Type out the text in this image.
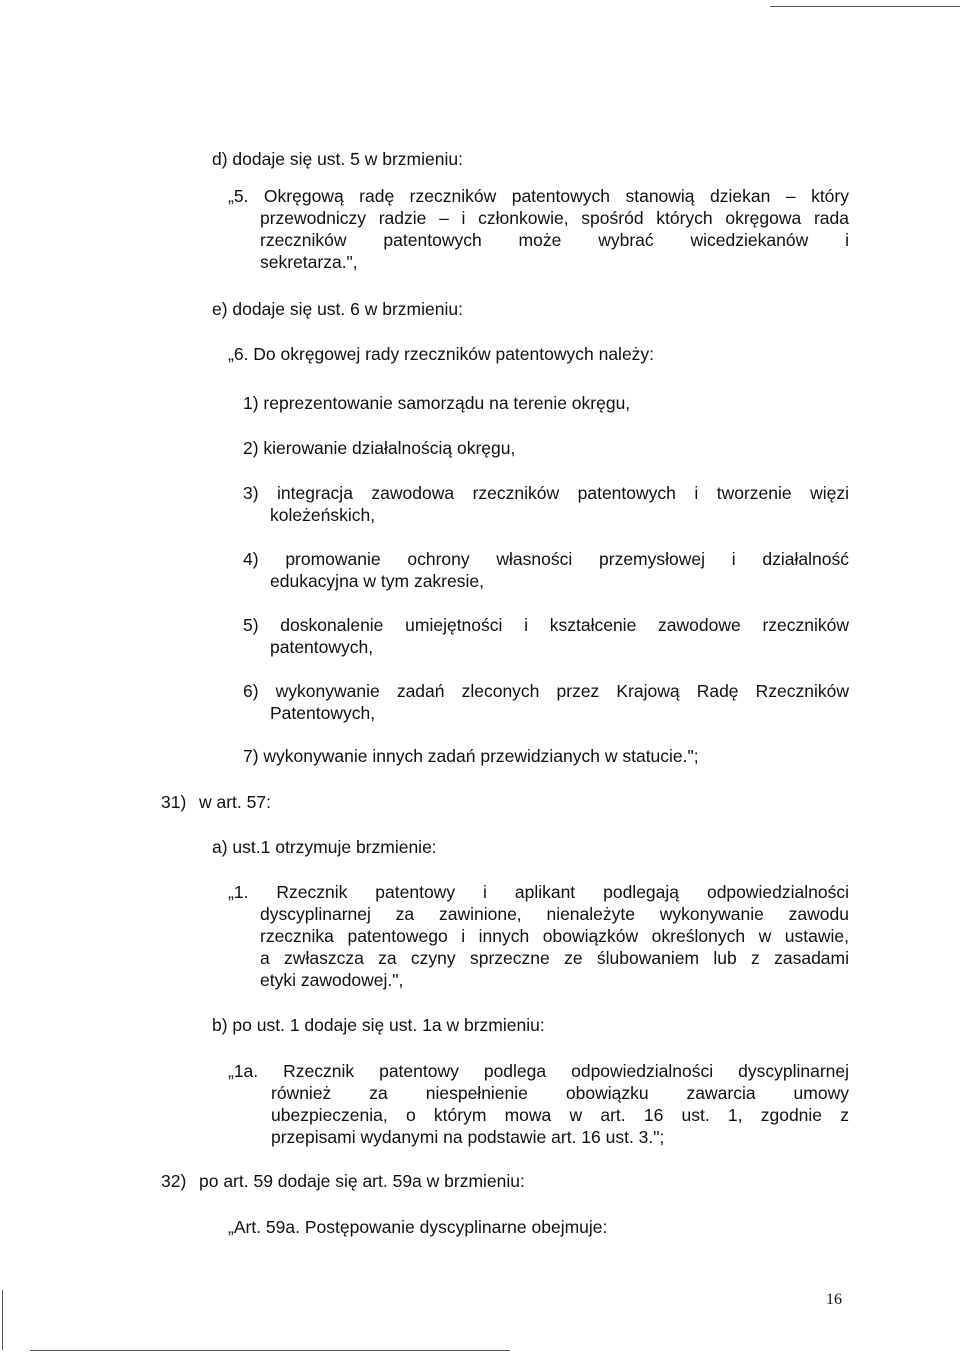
d) dodaje się ust. 5 w brzmieniu:
„5. Okręgową radę rzeczników patentowych stanowią dziekan – który
przewodniczy radzie – i członkowie, spośród których okręgowa rada
rzeczników patentowych może wybrać wicedziekanów i
sekretarza.",
e) dodaje się ust. 6 w brzmieniu:
„6. Do okręgowej rady rzeczników patentowych należy:
1) reprezentowanie samorządu na terenie okręgu,
2) kierowanie działalnością okręgu,
3) integracja zawodowa rzeczników patentowych i tworzenie więzi
koleżeńskich,
4) promowanie ochrony własności przemysłowej i działalność
edukacyjna w tym zakresie,
5) doskonalenie umiejętności i kształcenie zawodowe rzeczników
patentowych,
6) wykonywanie zadań zleconych przez Krajową Radę Rzeczników
Patentowych,
7) wykonywanie innych zadań przewidzianych w statucie.";
31) w art. 57:
a) ust.1 otrzymuje brzmienie:
„1. Rzecznik patentowy i aplikant podlegają odpowiedzialności
dyscyplinarnej za zawinione, nienależyte wykonywanie zawodu
rzecznika patentowego i innych obowiązków określonych w ustawie,
a zwłaszcza za czyny sprzeczne ze ślubowaniem lub z zasadami
etyki zawodowej.",
b) po ust. 1 dodaje się ust. 1a w brzmieniu:
„1a. Rzecznik patentowy podlega odpowiedzialności dyscyplinarnej
również za niespełnienie obowiązku zawarcia umowy
ubezpieczenia, o którym mowa w art. 16 ust. 1, zgodnie z
przepisami wydanymi na podstawie art. 16 ust. 3.";
32) po art. 59 dodaje się art. 59a w brzmieniu:
„Art. 59a. Postępowanie dyscyplinarne obejmuje:
16
